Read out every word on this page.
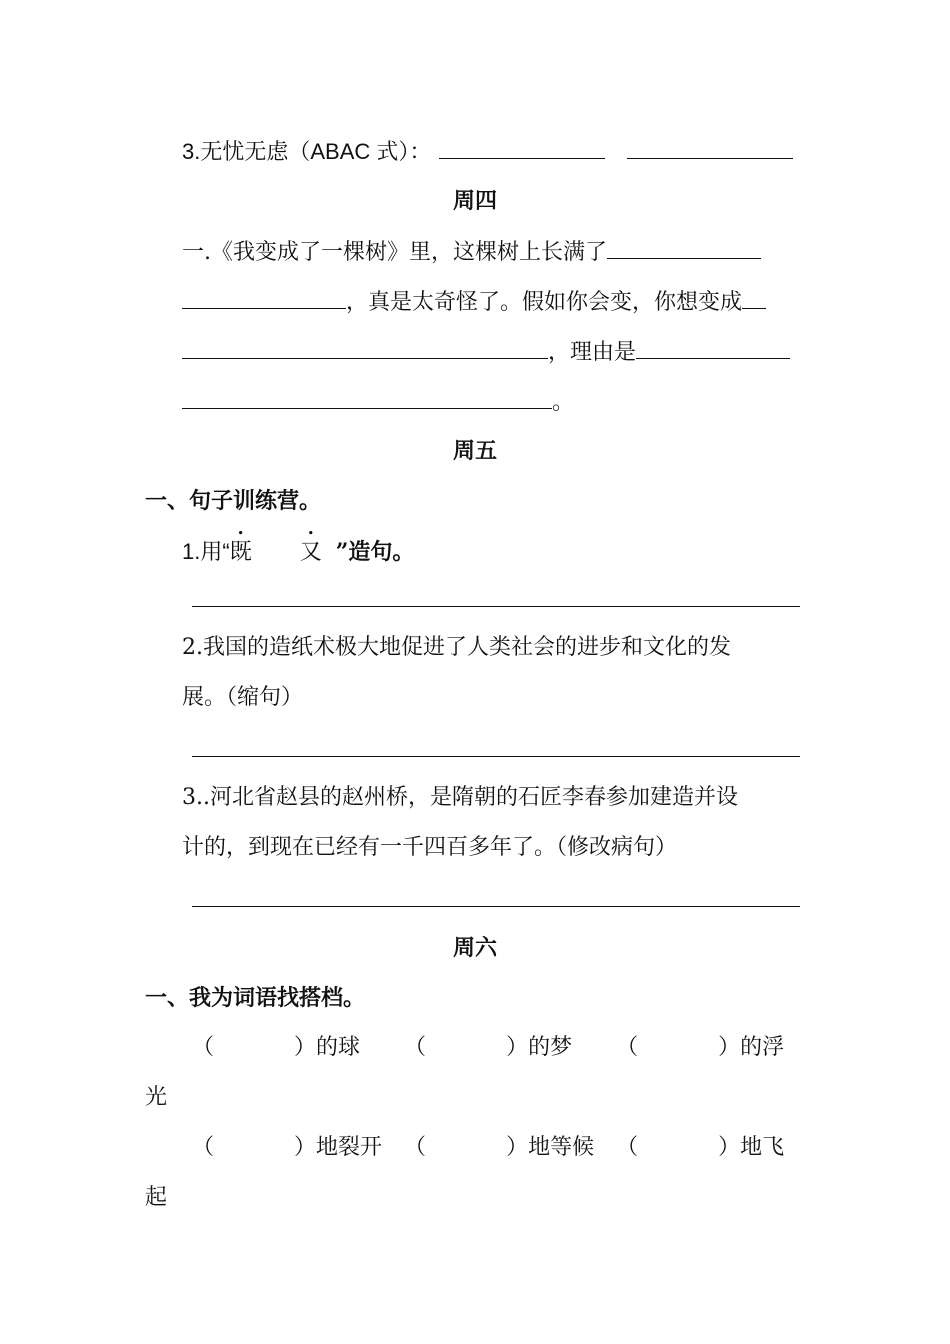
3.无忧无虑（ABAC 式）：
周四
一.《我变成了一棵树》里，这棵树上长满了
，真是太奇怪了。假如你会变，你想变成
，理由是
。
周五
一、句子训练营。
1.用“既 又 ”造句。
2.我国的造纸术极大地促进了人类社会的进步和文化的发
展。（缩句）
3..河北省赵县的赵州桥，是隋朝的石匠李春参加建造并设
计的，到现在已经有一千四百多年了。（修改病句）
周六
一、我为词语找搭档。
（	）的球 （	）的梦 （	）的浮
光
（	）地裂开 （	）地等候 （	）地飞
起
